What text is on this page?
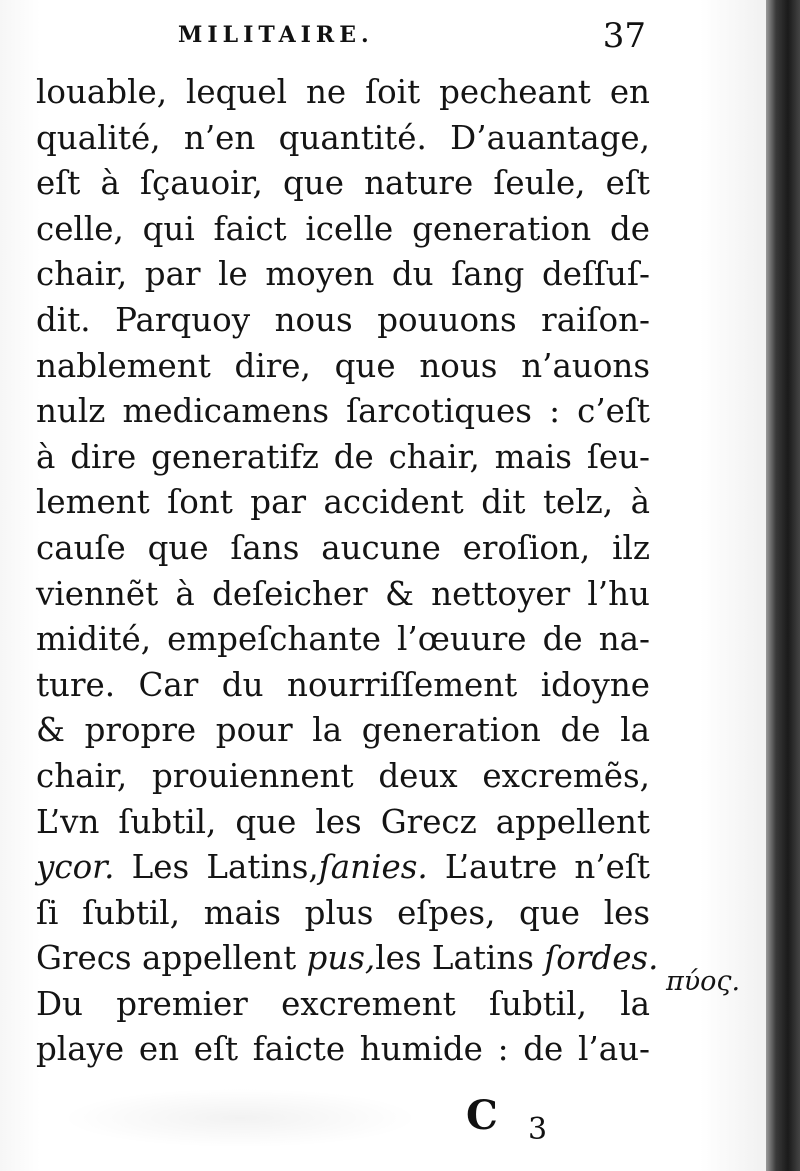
MILITAIRE.	37
louable, lequel ne ſoit pecheant en
qualité, n’en quantité. D’auantage,
eſt à ſçauoir, que nature ſeule, eſt
celle, qui faict icelle generation de
chair, par le moyen du ſang deſſuſ-
dit. Parquoy nous pouuons raiſon-
nablement dire, que nous n’auons
nulz medicamens ſarcotiques : c’eſt
à dire generatifz de chair, mais ſeu-
lement ſont par accident dit telz, à
cauſe que ſans aucune eroſion, ilz
viennẽt à deſeicher & nettoyer l’hu
midité, empeſchante l’œuure de na-
ture. Car du nourriſſement idoyne
& propre pour la generation de la
chair, prouiennent deux excremẽs,
L’vn ſubtil, que les Grecz appellent
ycor. Les Latins,ſanies. L’autre n’eſt
ſi ſubtil, mais plus eſpes, que les
Grecs appellent pus,les Latins ſordes.
Du premier excrement ſubtil, la
playe en eſt faicte humide : de l’au-
πύος.
C 3
